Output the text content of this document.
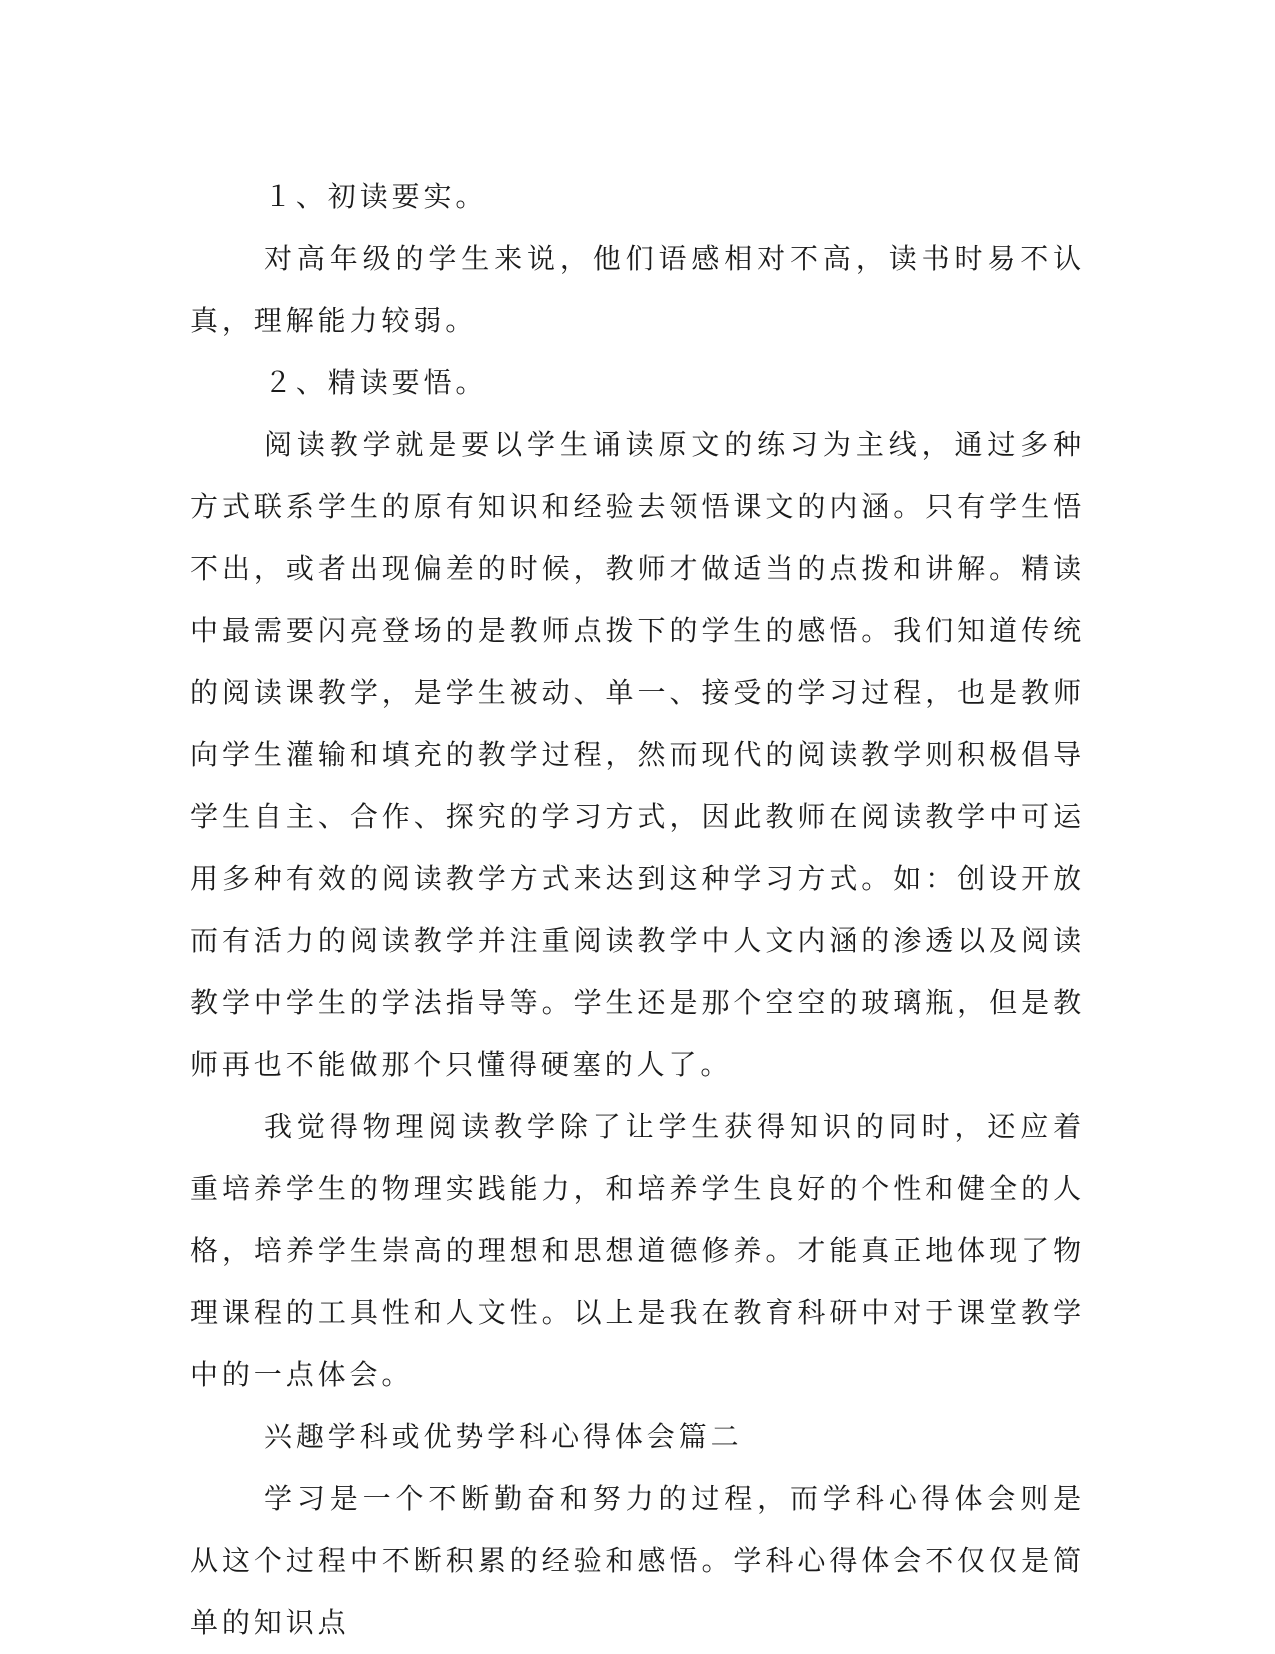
１、初读要实。

对高年级的学生来说，他们语感相对不高，读书时易不认真，理解能力较弱。

２、精读要悟。

阅读教学就是要以学生诵读原文的练习为主线，通过多种方式联系学生的原有知识和经验去领悟课文的内涵。只有学生悟不出，或者出现偏差的时候，教师才做适当的点拨和讲解。精读中最需要闪亮登场的是教师点拨下的学生的感悟。我们知道传统的阅读课教学，是学生被动、单一、接受的学习过程，也是教师向学生灌输和填充的教学过程，然而现代的阅读教学则积极倡导学生自主、合作、探究的学习方式，因此教师在阅读教学中可运用多种有效的阅读教学方式来达到这种学习方式。如：创设开放而有活力的阅读教学并注重阅读教学中人文内涵的渗透以及阅读教学中学生的学法指导等。学生还是那个空空的玻璃瓶，但是教师再也不能做那个只懂得硬塞的人了。

我觉得物理阅读教学除了让学生获得知识的同时，还应着重培养学生的物理实践能力，和培养学生良好的个性和健全的人格，培养学生崇高的理想和思想道德修养。才能真正地体现了物理课程的工具性和人文性。以上是我在教育科研中对于课堂教学中的一点体会。

兴趣学科或优势学科心得体会篇二

学习是一个不断勤奋和努力的过程，而学科心得体会则是从这个过程中不断积累的经验和感悟。学科心得体会不仅仅是简单的知识点
